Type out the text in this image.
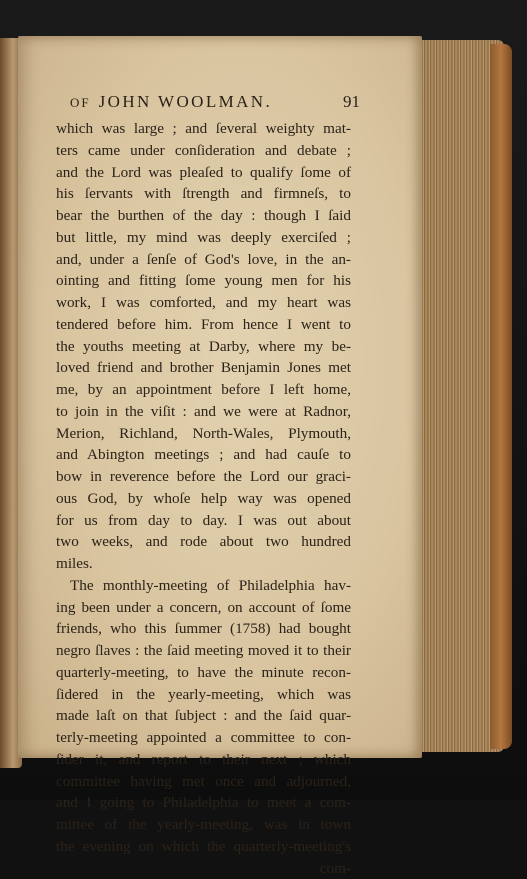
OF JOHN WOOLMAN.	91
which was large ; and ſeveral weighty mat-
ters came under conſideration and debate ;
and the Lord was pleaſed to qualify ſome of
his ſervants with ſtrength and firmneſs, to
bear the burthen of the day : though I ſaid
but little, my mind was deeply exerciſed ;
and, under a ſenſe of God's love, in the an-
ointing and fitting ſome young men for his
work, I was comforted, and my heart was
tendered before him. From hence I went to
the youths meeting at Darby, where my be-
loved friend and brother Benjamin Jones met
me, by an appointment before I left home,
to join in the viſit : and we were at Radnor,
Merion, Richland, North-Wales, Plymouth,
and Abington meetings ; and had cauſe to
bow in reverence before the Lord our graci-
ous God, by whoſe help way was opened
for us from day to day. I was out about
two weeks, and rode about two hundred
miles.
The monthly-meeting of Philadelphia hav-
ing been under a concern, on account of ſome
friends, who this ſummer (1758) had bought
negro ſlaves : the ſaid meeting moved it to their
quarterly-meeting, to have the minute recon-
ſidered in the yearly-meeting, which was
made laſt on that ſubject : and the ſaid quar-
terly-meeting appointed a committee to con-
ſider it, and report to their next ; which
committee having met once and adjourned,
and I going to Philadelphia to meet a com-
mittee of the yearly-meeting, was in town
the evening on which the quarterly-meeting's
com-
